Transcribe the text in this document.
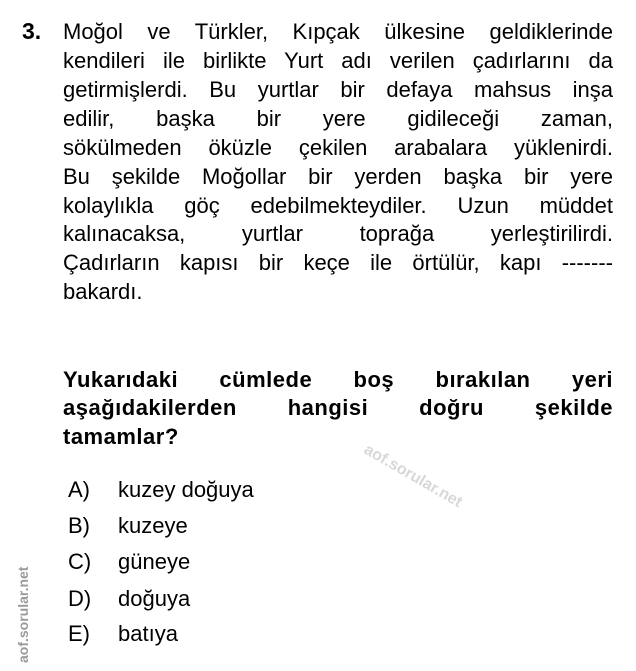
3. Moğol ve Türkler, Kıpçak ülkesine geldiklerinde
kendileri ile birlikte Yurt adı verilen çadırlarını da
getirmişlerdi. Bu yurtlar bir defaya mahsus inşa
edilir, başka bir yere gidileceği zaman,
sökülmeden öküzle çekilen arabalara yüklenirdi.
Bu şekilde Moğollar bir yerden başka bir yere
kolaylıkla göç edebilmekteydiler. Uzun müddet
kalınacaksa, yurtlar toprağa yerleştirilirdi.
Çadırların kapısı bir keçe ile örtülür, kapı -------
bakardı.
Yukarıdaki cümlede boş bırakılan yeri
aşağıdakilerden hangisi doğru şekilde
tamamlar?
A) kuzey doğuya
B) kuzeye
C) güneye
D) doğuya
E) batıya
aof.sorular.net
aof.sorular.net
